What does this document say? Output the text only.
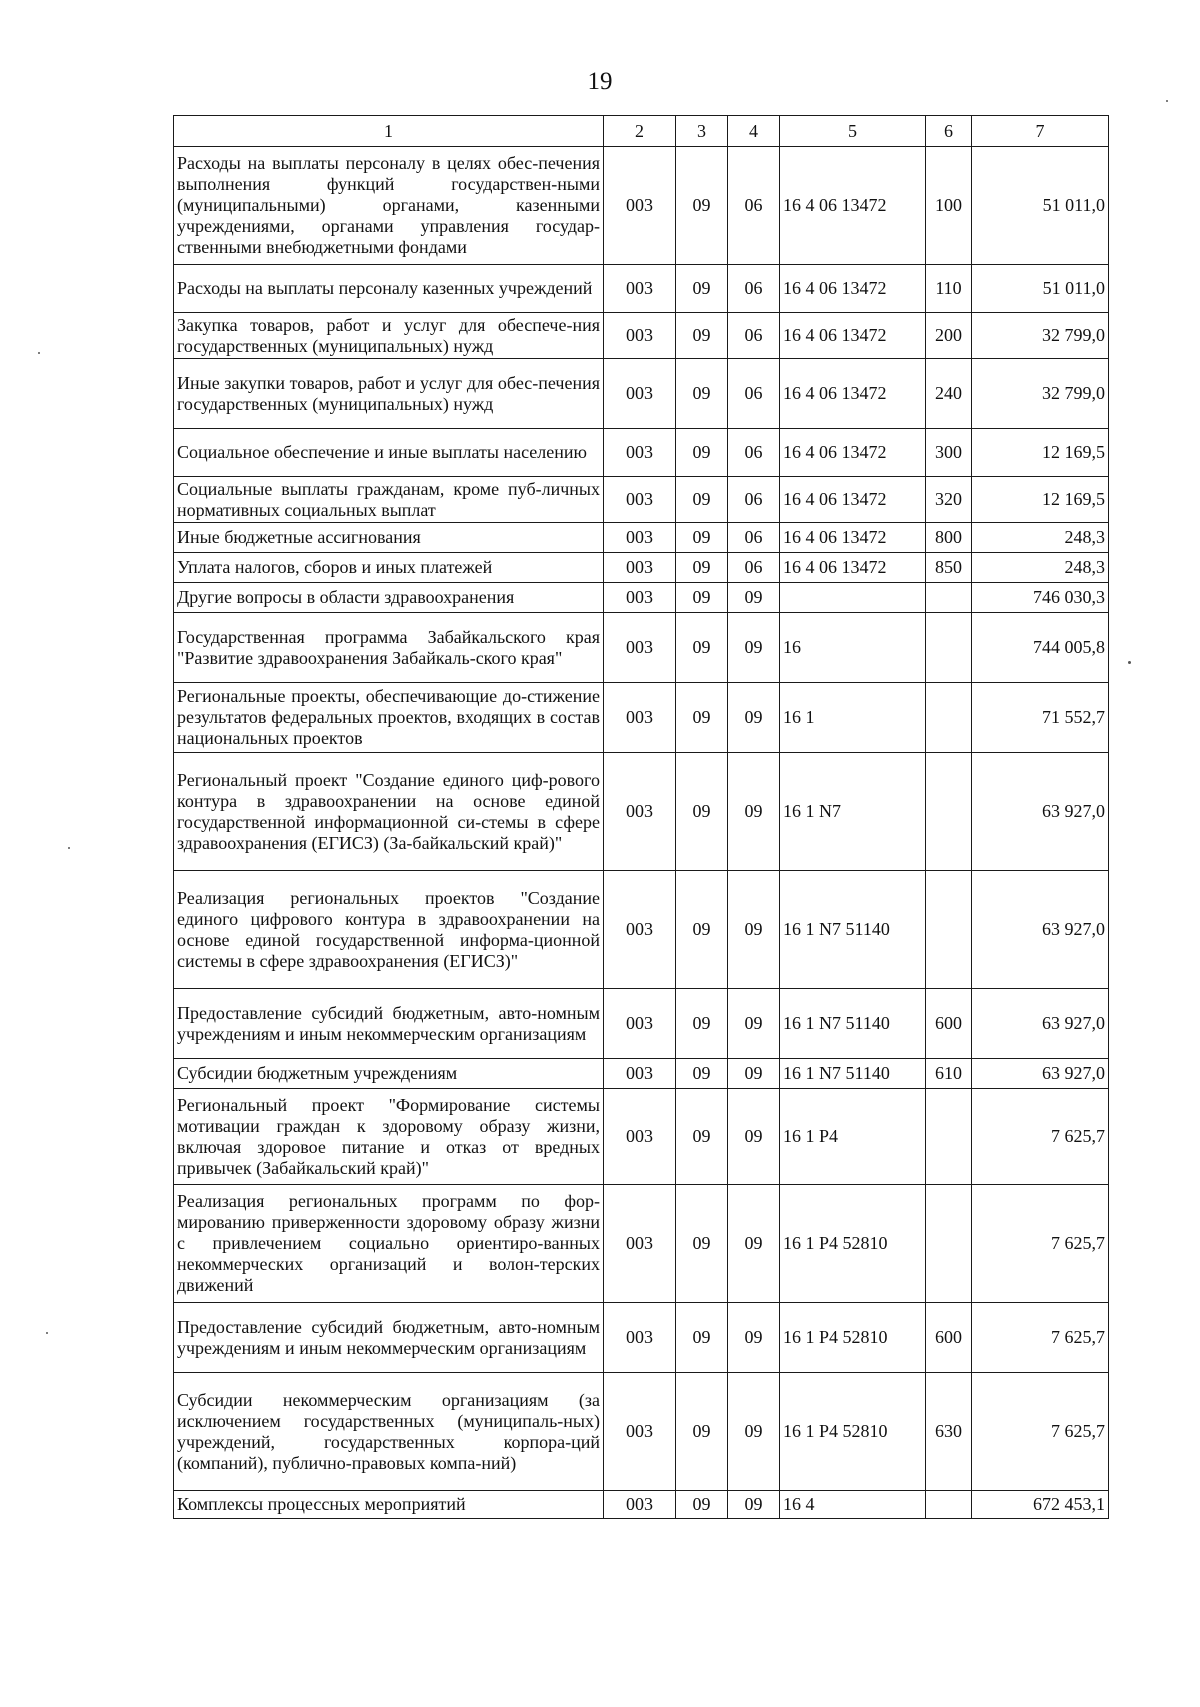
19
1	2	3	4	5	6	7
Расходы на выплаты персоналу в целях обес-печения выполнения функций государствен-ными (муниципальными) органами, казенными учреждениями, органами управления государ-ственными внебюджетными фондами	003	09	06	16 4 06 13472	100	51 011,0
Расходы на выплаты персоналу казенных учреждений	003	09	06	16 4 06 13472	110	51 011,0
Закупка товаров, работ и услуг для обеспече-ния государственных (муниципальных) нужд	003	09	06	16 4 06 13472	200	32 799,0
Иные закупки товаров, работ и услуг для обес-печения государственных (муниципальных) нужд	003	09	06	16 4 06 13472	240	32 799,0
Социальное обеспечение и иные выплаты населению	003	09	06	16 4 06 13472	300	12 169,5
Социальные выплаты гражданам, кроме пуб-личных нормативных социальных выплат	003	09	06	16 4 06 13472	320	12 169,5
Иные бюджетные ассигнования	003	09	06	16 4 06 13472	800	248,3
Уплата налогов, сборов и иных платежей	003	09	06	16 4 06 13472	850	248,3
Другие вопросы в области здравоохранения	003	09	09			746 030,3
Государственная программа Забайкальского края "Развитие здравоохранения Забайкаль-ского края"	003	09	09	16		744 005,8
Региональные проекты, обеспечивающие до-стижение результатов федеральных проектов, входящих в состав национальных проектов	003	09	09	16 1		71 552,7
Региональный проект "Создание единого циф-рового контура в здравоохранении на основе единой государственной информационной си-стемы в сфере здравоохранения (ЕГИСЗ) (За-байкальский край)"	003	09	09	16 1 N7		63 927,0
Реализация региональных проектов "Создание единого цифрового контура в здравоохранении на основе единой государственной информа-ционной системы в сфере здравоохранения (ЕГИСЗ)"	003	09	09	16 1 N7 51140		63 927,0
Предоставление субсидий бюджетным, авто-номным учреждениям и иным некоммерческим организациям	003	09	09	16 1 N7 51140	600	63 927,0
Субсидии бюджетным учреждениям	003	09	09	16 1 N7 51140	610	63 927,0
Региональный проект "Формирование системы мотивации граждан к здоровому образу жизни, включая здоровое питание и отказ от вредных привычек (Забайкальский край)"	003	09	09	16 1 P4		7 625,7
Реализация региональных программ по фор-мированию приверженности здоровому образу жизни с привлечением социально ориентиро-ванных некоммерческих организаций и волон-терских движений	003	09	09	16 1 P4 52810		7 625,7
Предоставление субсидий бюджетным, авто-номным учреждениям и иным некоммерческим организациям	003	09	09	16 1 P4 52810	600	7 625,7
Субсидии некоммерческим организациям (за исключением государственных (муниципаль-ных) учреждений, государственных корпора-ций (компаний), публично-правовых компа-ний)	003	09	09	16 1 P4 52810	630	7 625,7
Комплексы процессных мероприятий	003	09	09	16 4		672 453,1
